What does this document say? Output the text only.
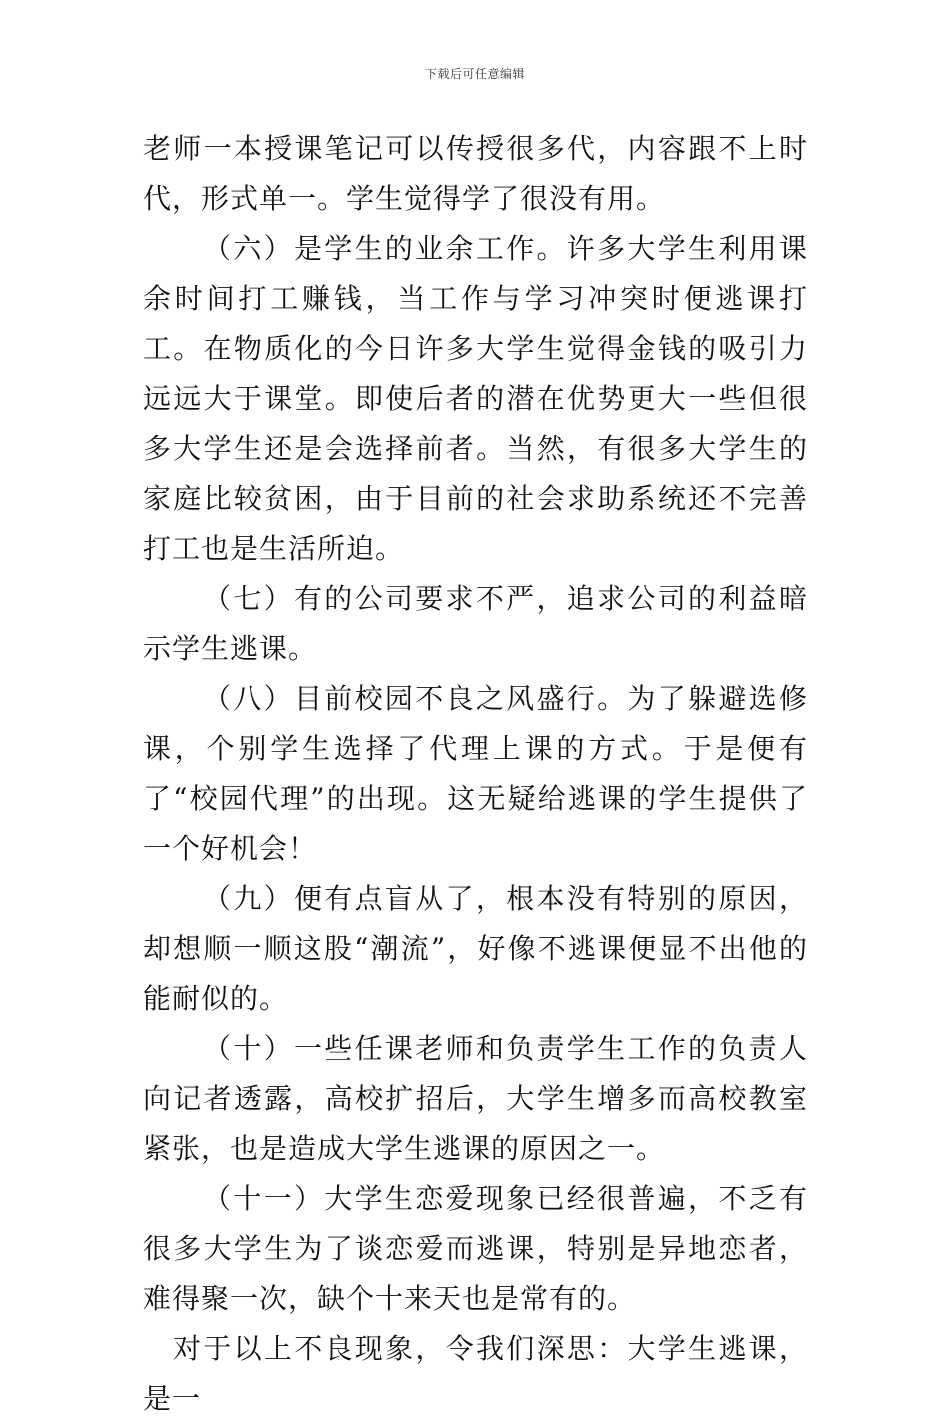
下载后可任意编辑

老师一本授课笔记可以传授很多代，内容跟不上时代，形式单一。学生觉得学了很没有用。

（六）是学生的业余工作。许多大学生利用课余时间打工赚钱，当工作与学习冲突时便逃课打工。在物质化的今日许多大学生觉得金钱的吸引力远远大于课堂。即使后者的潜在优势更大一些但很多大学生还是会选择前者。当然，有很多大学生的家庭比较贫困，由于目前的社会求助系统还不完善打工也是生活所迫。

（七）有的公司要求不严，追求公司的利益暗示学生逃课。

（八）目前校园不良之风盛行。为了躲避选修课，个别学生选择了代理上课的方式。于是便有了“校园代理”的出现。这无疑给逃课的学生提供了一个好机会！

（九）便有点盲从了，根本没有特别的原因，却想顺一顺这股“潮流”，好像不逃课便显不出他的能耐似的。

（十）一些任课老师和负责学生工作的负责人向记者透露，高校扩招后，大学生增多而高校教室紧张，也是造成大学生逃课的原因之一。

（十一）大学生恋爱现象已经很普遍，不乏有很多大学生为了谈恋爱而逃课，特别是异地恋者，难得聚一次，缺个十来天也是常有的。

对于以上不良现象，令我们深思：大学生逃课，是一
